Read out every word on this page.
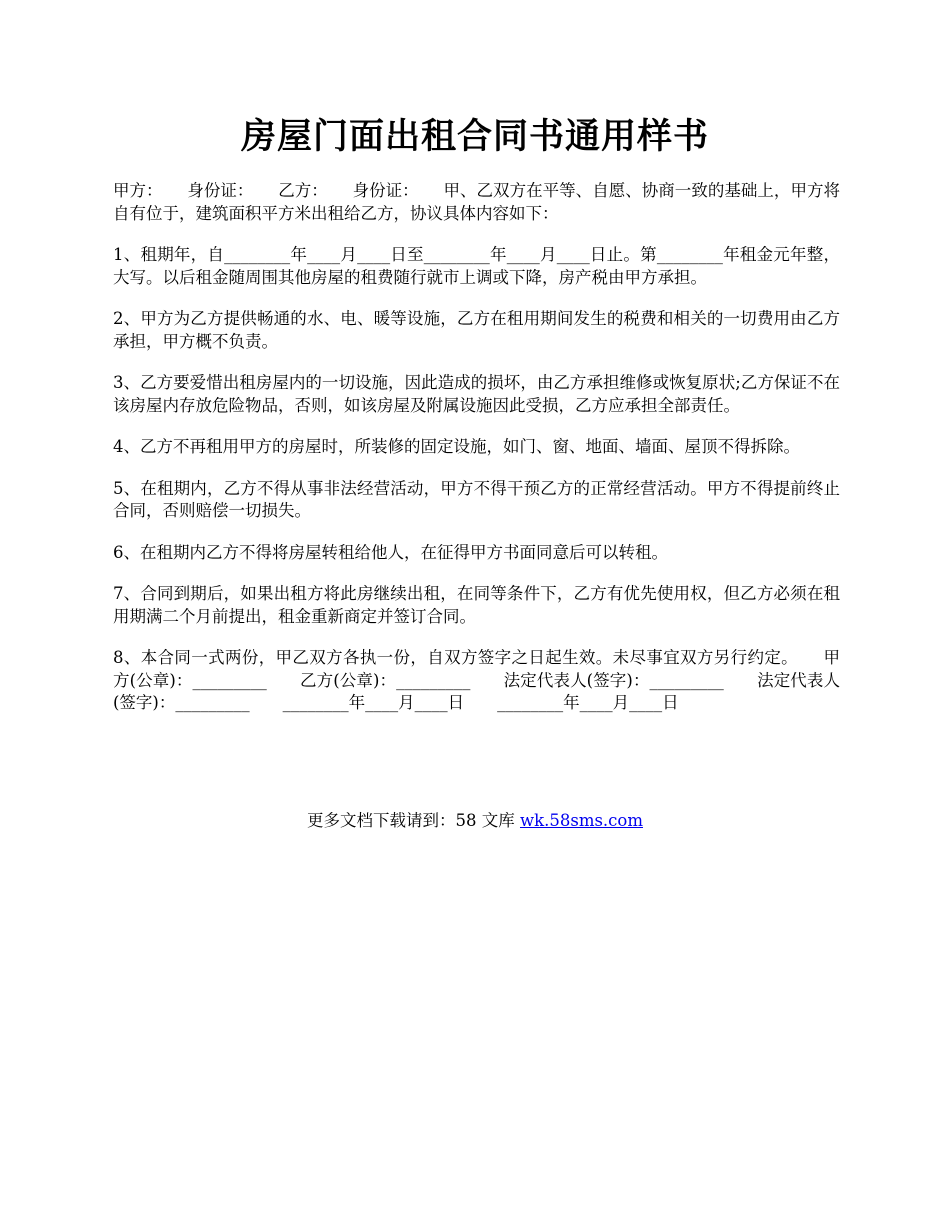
房屋门面出租合同书通用样书

甲方：　　身份证：　　乙方：　　身份证：　　甲、乙双方在平等、自愿、协商一致的基础上，甲方将自有位于，建筑面积平方米出租给乙方，协议具体内容如下：

1、租期年，自________年____月____日至________年____月____日止。第________年租金元年整，大写。以后租金随周围其他房屋的租费随行就市上调或下降，房产税由甲方承担。

2、甲方为乙方提供畅通的水、电、暖等设施，乙方在租用期间发生的税费和相关的一切费用由乙方承担，甲方概不负责。

3、乙方要爱惜出租房屋内的一切设施，因此造成的损坏，由乙方承担维修或恢复原状;乙方保证不在该房屋内存放危险物品，否则，如该房屋及附属设施因此受损，乙方应承担全部责任。

4、乙方不再租用甲方的房屋时，所装修的固定设施，如门、窗、地面、墙面、屋顶不得拆除。

5、在租期内，乙方不得从事非法经营活动，甲方不得干预乙方的正常经营活动。甲方不得提前终止合同，否则赔偿一切损失。

6、在租期内乙方不得将房屋转租给他人，在征得甲方书面同意后可以转租。

7、合同到期后，如果出租方将此房继续出租，在同等条件下，乙方有优先使用权，但乙方必须在租用期满二个月前提出，租金重新商定并签订合同。

8、本合同一式两份，甲乙双方各执一份，自双方签字之日起生效。未尽事宜双方另行约定。　　甲方(公章)：_________　　乙方(公章)：_________　　法定代表人(签字)：_________　　法定代表人(签字)：_________　　________年____月____日　　________年____月____日

更多文档下载请到：58 文库 wk.58sms.com
